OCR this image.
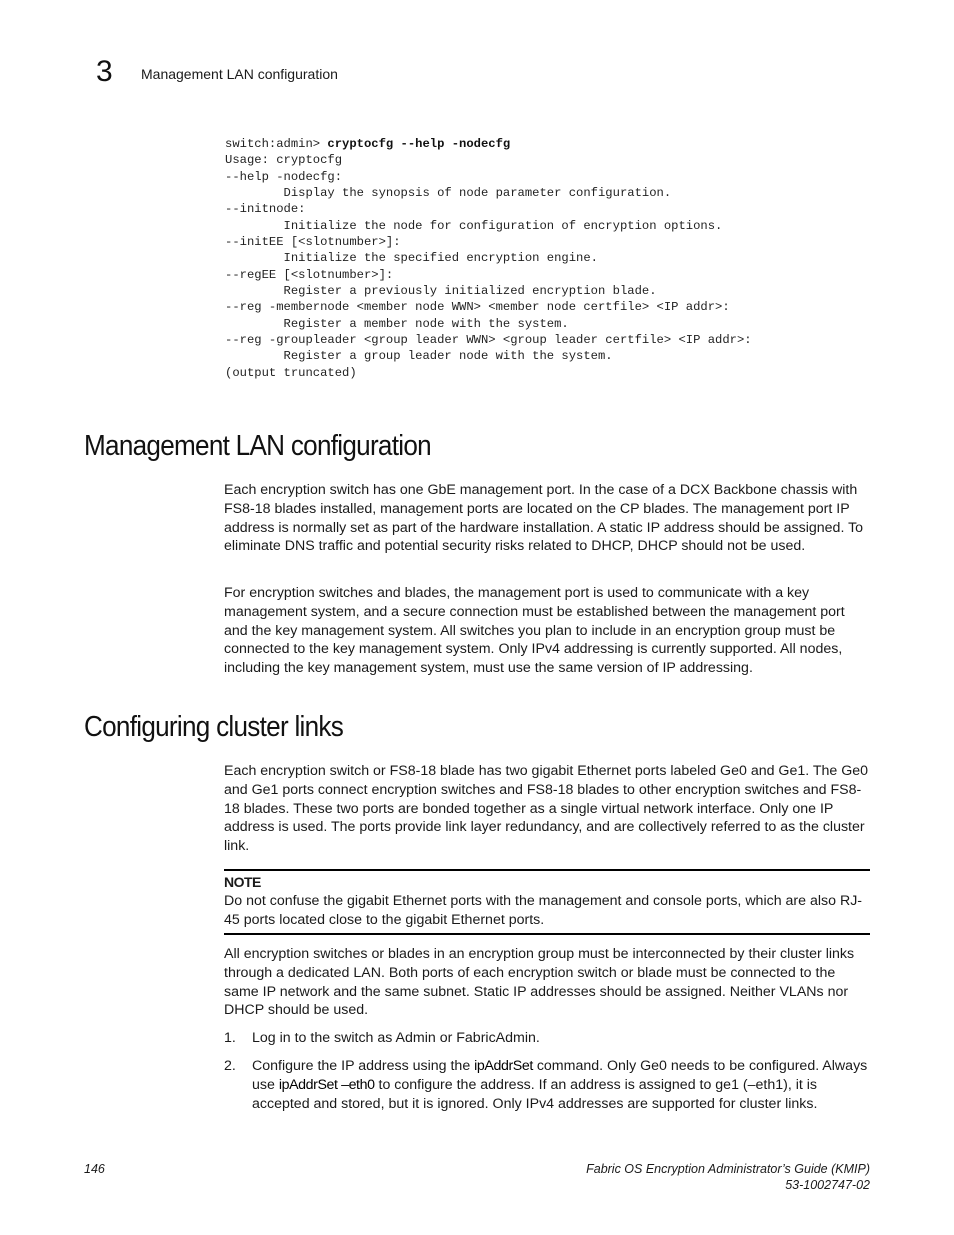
3 Management LAN configuration
switch:admin> cryptocfg --help -nodecfg
Usage: cryptocfg
--help -nodecfg:
Display the synopsis of node parameter configuration.
--initnode:
Initialize the node for configuration of encryption options.
--initEE [<slotnumber>]:
Initialize the specified encryption engine.
--regEE [<slotnumber>]:
Register a previously initialized encryption blade.
--reg -membernode <member node WWN> <member node certfile> <IP addr>:
Register a member node with the system.
--reg -groupleader <group leader WWN> <group leader certfile> <IP addr>:
Register a group leader node with the system.
(output truncated)
Management LAN configuration

Each encryption switch has one GbE management port. In the case of a DCX Backbone chassis with FS8-18 blades installed, management ports are located on the CP blades. The management port IP address is normally set as part of the hardware installation. A static IP address should be assigned. To eliminate DNS traffic and potential security risks related to DHCP, DHCP should not be used.

For encryption switches and blades, the management port is used to communicate with a key management system, and a secure connection must be established between the management port and the key management system. All switches you plan to include in an encryption group must be connected to the key management system. Only IPv4 addressing is currently supported. All nodes, including the key management system, must use the same version of IP addressing.

Configuring cluster links

Each encryption switch or FS8-18 blade has two gigabit Ethernet ports labeled Ge0 and Ge1. The Ge0 and Ge1 ports connect encryption switches and FS8-18 blades to other encryption switches and FS8-18 blades. These two ports are bonded together as a single virtual network interface. Only one IP address is used. The ports provide link layer redundancy, and are collectively referred to as the cluster link.

NOTE

Do not confuse the gigabit Ethernet ports with the management and console ports, which are also RJ-45 ports located close to the gigabit Ethernet ports.

All encryption switches or blades in an encryption group must be interconnected by their cluster links through a dedicated LAN. Both ports of each encryption switch or blade must be connected to the same IP network and the same subnet. Static IP addresses should be assigned. Neither VLANs nor DHCP should be used.

1. Log in to the switch as Admin or FabricAdmin.

2. Configure the IP address using the ipAddrSet command. Only Ge0 needs to be configured. Always use ipAddrSet –eth0 to configure the address. If an address is assigned to ge1 (–eth1), it is accepted and stored, but it is ignored. Only IPv4 addresses are supported for cluster links.

146	Fabric OS Encryption Administrator’s Guide (KMIP)
53-1002747-02
